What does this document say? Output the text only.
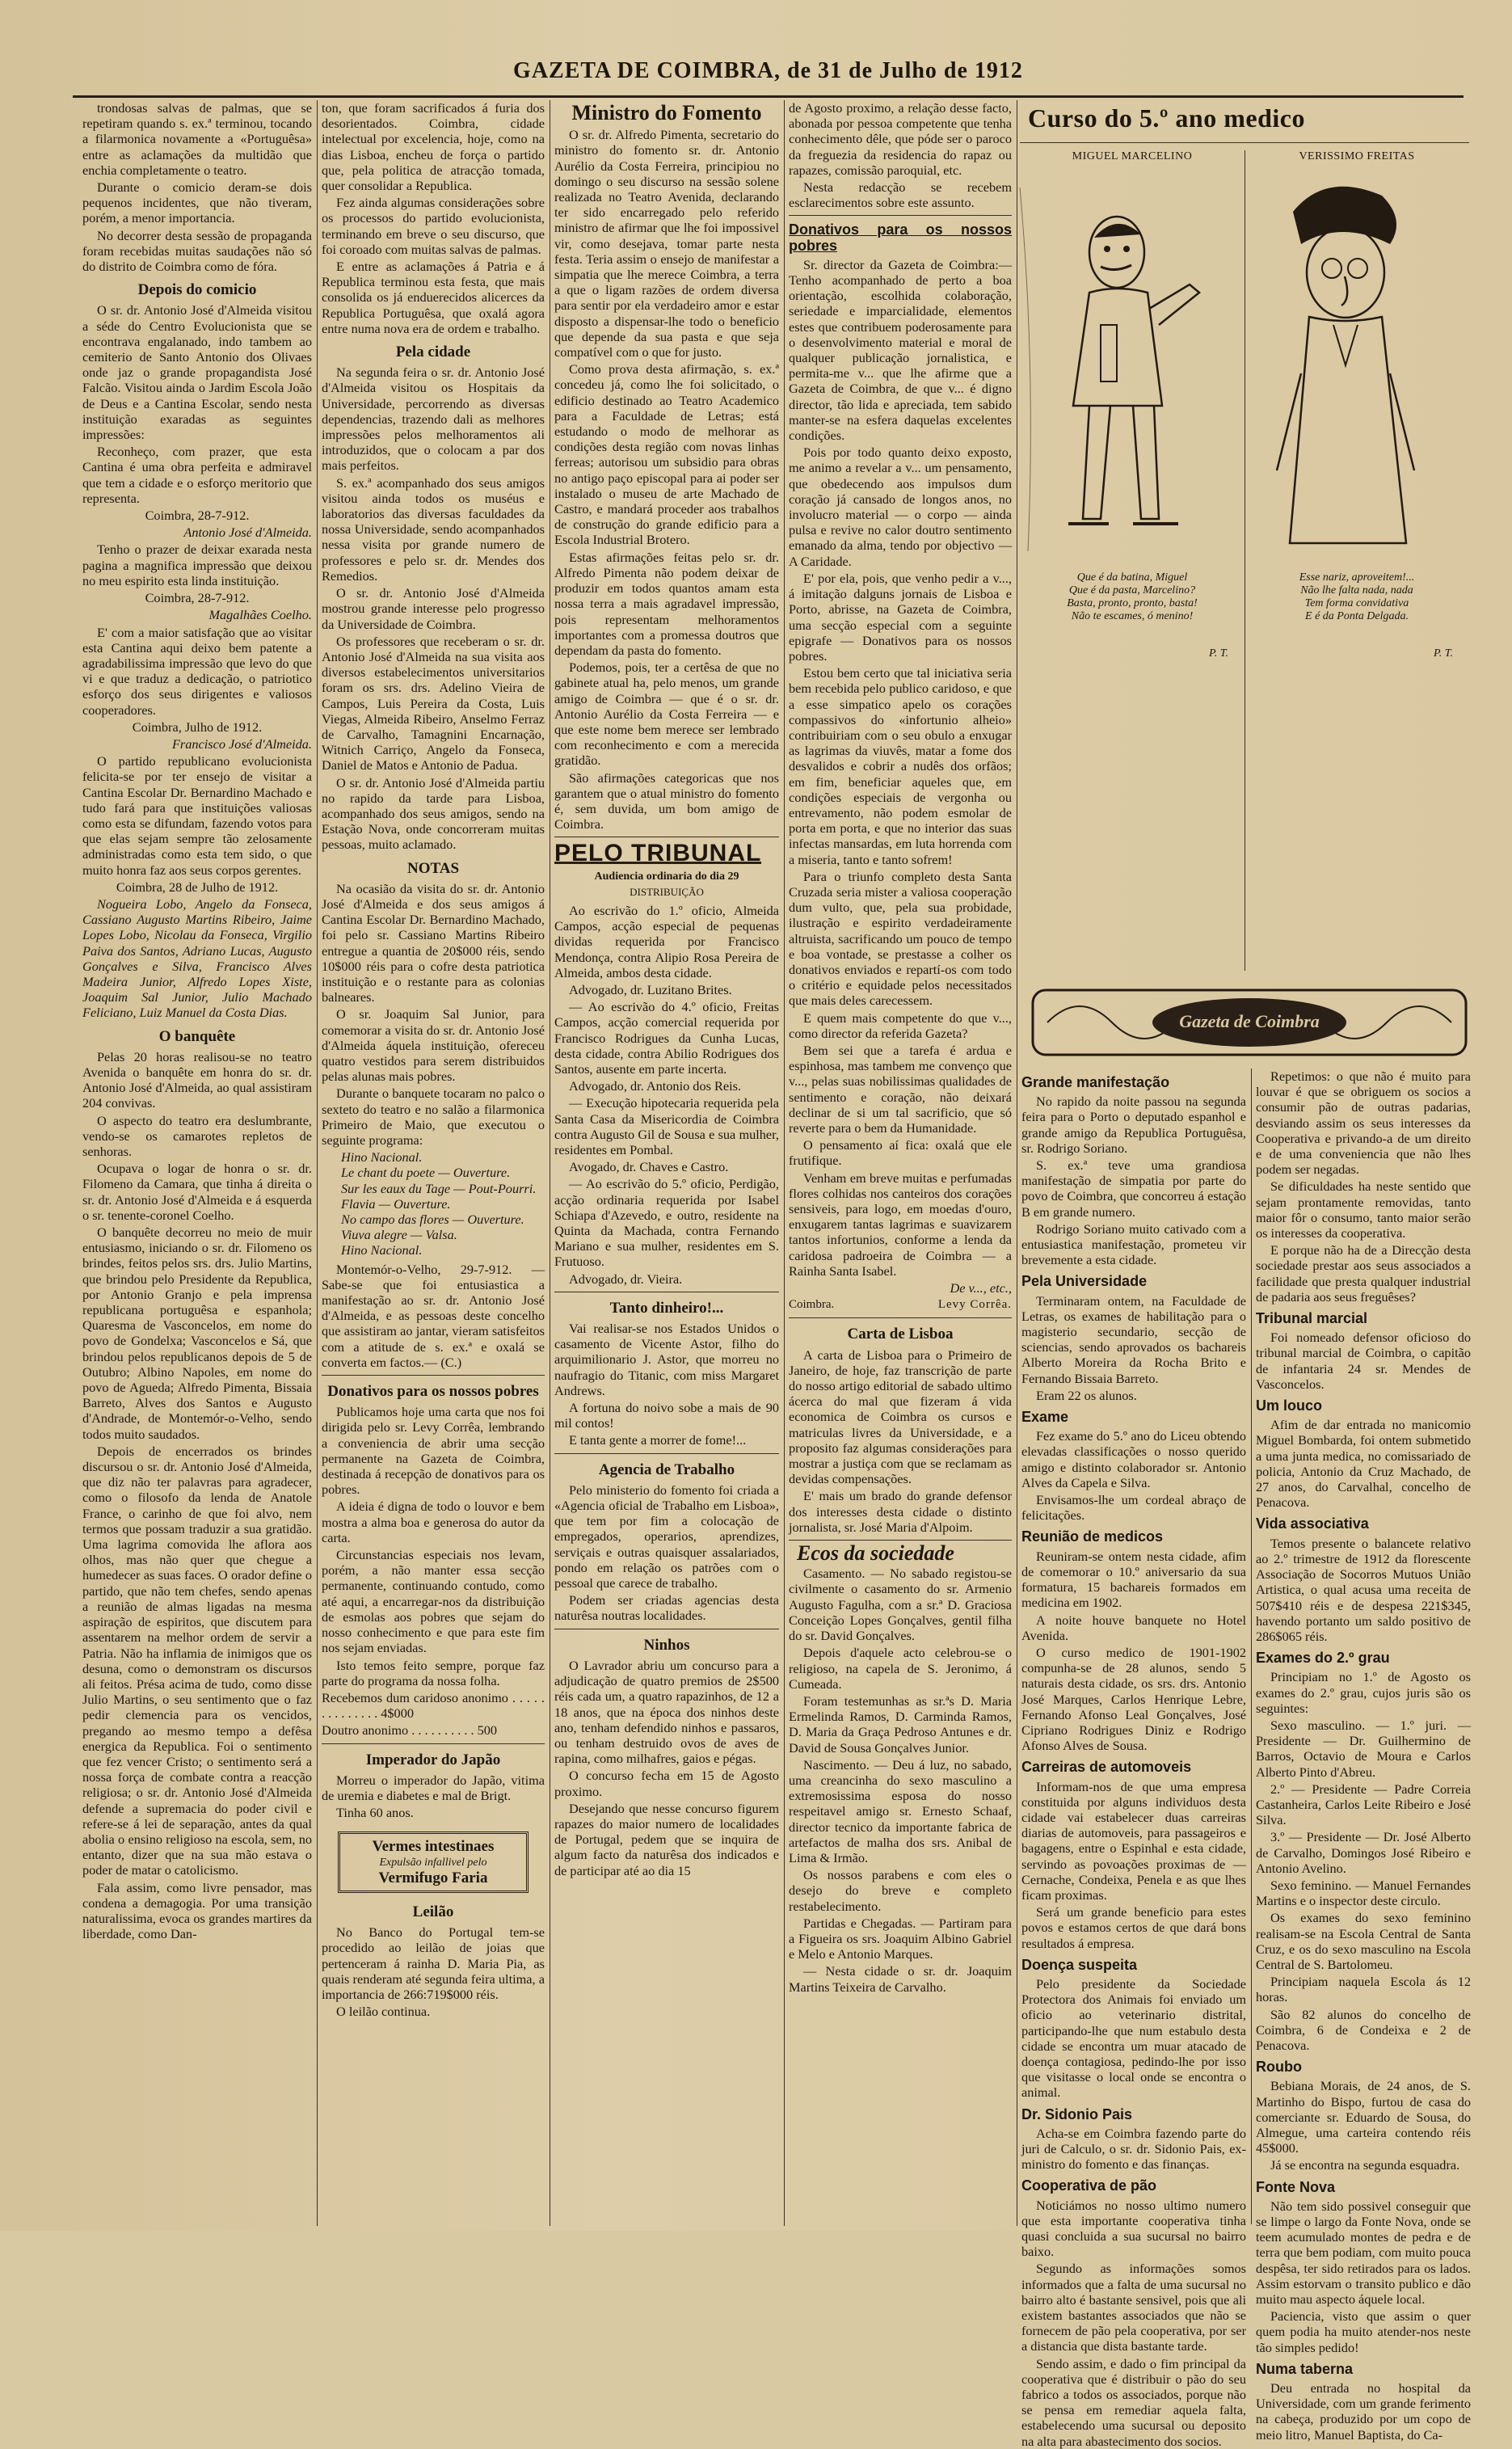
GAZETA DE COIMBRA, de 31 de Julho de 1912

trondosas salvas de palmas, que se repetiram quando s. ex.ª terminou, tocando a filarmonica novamente a «Portuguêsa» entre as aclamações da multidão que enchia completamente o teatro.

Durante o comicio deram-se dois pequenos incidentes, que não tiveram, porém, a menor importancia.

No decorrer desta sessão de propaganda foram recebidas muitas saudações não só do distrito de Coimbra como de fóra.

Depois do comicio

O sr. dr. Antonio José d'Almeida visitou a séde do Centro Evolucionista que se encontrava engalanado, indo tambem ao cemiterio de Santo Antonio dos Olivaes onde jaz o grande propagandista José Falcão. Visitou ainda o Jardim Escola João de Deus e a Cantina Escolar, sendo nesta instituição exaradas as seguintes impressões:

Reconheço, com prazer, que esta Cantina é uma obra perfeita e admiravel que tem a cidade e o esforço meritorio que representa.

Coimbra, 28-7-912.

Antonio José d'Almeida.

Tenho o prazer de deixar exarada nesta pagina a magnifica impressão que deixou no meu espirito esta linda instituição.

Coimbra, 28-7-912.

Magalhães Coelho.

E' com a maior satisfação que ao visitar esta Cantina aqui deixo bem patente a agradabilissima impressão que levo do que vi e que traduz a dedicação, o patriotico esforço dos seus dirigentes e valiosos cooperadores.

Coimbra, Julho de 1912.

Francisco José d'Almeida.

O partido republicano evolucionista felicita-se por ter ensejo de visitar a Cantina Escolar Dr. Bernardino Machado e tudo fará para que instituições valiosas como esta se difundam, fazendo votos para que elas sejam sempre tão zelosamente administradas como esta tem sido, o que muito honra faz aos seus corpos gerentes.

Coimbra, 28 de Julho de 1912.

Nogueira Lobo, Angelo da Fonseca, Cassiano Augusto Martins Ribeiro, Jaime Lopes Lobo, Nicolau da Fonseca, Virgilio Paiva dos Santos, Adriano Lucas, Augusto Gonçalves e Silva, Francisco Alves Madeira Junior, Alfredo Lopes Xiste, Joaquim Sal Junior, Julio Machado Feliciano, Luiz Manuel da Costa Dias.

O banquête

Pelas 20 horas realisou-se no teatro Avenida o banquête em honra do sr. dr. Antonio José d'Almeida, ao qual assistiram 204 convivas.

O aspecto do teatro era deslumbrante, vendo-se os camarotes repletos de senhoras.

Ocupava o logar de honra o sr. dr. Filomeno da Camara, que tinha á direita o sr. dr. Antonio José d'Almeida e á esquerda o sr. tenente-coronel Coelho.

O banquête decorreu no meio de muir entusiasmo, iniciando o sr. dr. Filomeno os brindes, feitos pelos srs. drs. Julio Martins, que brindou pelo Presidente da Republica, por Antonio Granjo e pela imprensa republicana portuguêsa e espanhola; Quaresma de Vasconcelos, em nome do povo de Gondelxa; Vasconcelos e Sá, que brindou pelos republicanos depois de 5 de Outubro; Albino Napoles, em nome do povo de Agueda; Alfredo Pimenta, Bissaia Barreto, Alves dos Santos e Augusto d'Andrade, de Montemór-o-Velho, sendo todos muito saudados.

Depois de encerrados os brindes discursou o sr. dr. Antonio José d'Almeida, que diz não ter palavras para agradecer, como o filosofo da lenda de Anatole France, o carinho de que foi alvo, nem termos que possam traduzir a sua gratidão. Uma lagrima comovida lhe aflora aos olhos, mas não quer que chegue a humedecer as suas faces. O orador define o partido, que não tem chefes, sendo apenas a reunião de almas ligadas na mesma aspiração de espiritos, que discutem para assentarem na melhor ordem de servir a Patria. Não ha inflamia de inimigos que os desuna, como o demonstram os discursos ali feitos. Présa acima de tudo, como disse Julio Martins, o seu sentimento que o faz pedir clemencia para os vencidos, pregando ao mesmo tempo a defêsa energica da Republica. Foi o sentimento que fez vencer Cristo; o sentimento será a nossa força de combate contra a reacção religiosa; o sr. dr. Antonio José d'Almeida defende a supremacia do poder civil e refere-se á lei de separação, antes da qual abolia o ensino religioso na escola, sem, no entanto, dizer que na sua mão estava o poder de matar o catolicismo.

Fala assim, como livre pensador, mas condena a demagogia. Por uma transição naturalissima, evoca os grandes martires da liberdade, como Dan-

ton, que foram sacrificados á furia dos desorientados. Coimbra, cidade intelectual por excelencia, hoje, como na dias Lisboa, encheu de força o partido que, pela politica de atracção tomada, quer consolidar a Republica.

Fez ainda algumas considerações sobre os processos do partido evolucionista, terminando em breve o seu discurso, que foi coroado com muitas salvas de palmas.

E entre as aclamações á Patria e á Republica terminou esta festa, que mais consolida os já enduerecidos alicerces da Republica Portuguêsa, que oxalá agora entre numa nova era de ordem e trabalho.

Pela cidade

Na segunda feira o sr. dr. Antonio José d'Almeida visitou os Hospitais da Universidade, percorrendo as diversas dependencias, trazendo dali as melhores impressões pelos melhoramentos ali introduzidos, que o colocam a par dos mais perfeitos.

S. ex.ª acompanhado dos seus amigos visitou ainda todos os muséus e laboratorios das diversas faculdades da nossa Universidade, sendo acompanhados nessa visita por grande numero de professores e pelo sr. dr. Mendes dos Remedios.

O sr. dr. Antonio José d'Almeida mostrou grande interesse pelo progresso da Universidade de Coimbra.

Os professores que receberam o sr. dr. Antonio José d'Almeida na sua visita aos diversos estabelecimentos universitarios foram os srs. drs. Adelino Vieira de Campos, Luis Pereira da Costa, Luis Viegas, Almeida Ribeiro, Anselmo Ferraz de Carvalho, Tamagnini Encarnação, Witnich Carriço, Angelo da Fonseca, Daniel de Matos e Antonio de Padua.

O sr. dr. Antonio José d'Almeida partiu no rapido da tarde para Lisboa, acompanhado dos seus amigos, sendo na Estação Nova, onde concorreram muitas pessoas, muito aclamado.

NOTAS

Na ocasião da visita do sr. dr. Antonio José d'Almeida e dos seus amigos á Cantina Escolar Dr. Bernardino Machado, foi pelo sr. Cassiano Martins Ribeiro entregue a quantia de 20$000 réis, sendo 10$000 réis para o cofre desta patriotica instituição e o restante para as colonias balneares.

O sr. Joaquim Sal Junior, para comemorar a visita do sr. dr. Antonio José d'Almeida áquela instituição, ofereceu quatro vestidos para serem distribuidos pelas alunas mais pobres.

Durante o banquete tocaram no palco o sexteto do teatro e no salão a filarmonica Primeiro de Maio, que executou o seguinte programa:

Hino Nacional.
Le chant du poete — Ouverture.
Sur les eaux du Tage — Pout-Pourri.
Flavia — Ouverture.
No campo das flores — Ouverture.
Viuva alegre — Valsa.
Hino Nacional.

Montemór-o-Velho, 29-7-912. — Sabe-se que foi entusiastica a manifestação ao sr. dr. Antonio José d'Almeida, e as pessoas deste concelho que assistiram ao jantar, vieram satisfeitos com a atitude de s. ex.ª e oxalá se converta em factos.— (C.)

Donativos para os nossos pobres

Publicamos hoje uma carta que nos foi dirigida pelo sr. Levy Corrêa, lembrando a conveniencia de abrir uma secção permanente na Gazeta de Coimbra, destinada á recepção de donativos para os pobres.

A ideia é digna de todo o louvor e bem mostra a alma boa e generosa do autor da carta.

Circunstancias especiais nos levam, porém, a não manter essa secção permanente, continuando contudo, como até aqui, a encarregar-nos da distribuição de esmolas aos pobres que sejam do nosso conhecimento e que para este fim nos sejam enviadas.

Isto temos feito sempre, porque faz parte do programa da nossa folha.

Recebemos dum caridoso anonimo . . . . . . . . . . . . . . 4$000

Doutro anonimo . . . . . . . . . . 500

Imperador do Japão

Morreu o imperador do Japão, vitima de uremia e diabetes e mal de Brigt.

Tinha 60 anos.

Vermes intestinaes
Expulsão infallivel pelo
Vermifugo Faria
Leilão

No Banco do Portugal tem-se procedido ao leilão de joias que pertenceram á rainha D. Maria Pia, as quais renderam até segunda feira ultima, a importancia de 266:719$000 réis.

O leilão continua.

Ministro do Fomento

O sr. dr. Alfredo Pimenta, secretario do ministro do fomento sr. dr. Antonio Aurélio da Costa Ferreira, principiou no domingo o seu discurso na sessão solene realizada no Teatro Avenida, declarando ter sido encarregado pelo referido ministro de afirmar que lhe foi impossivel vir, como desejava, tomar parte nesta festa. Teria assim o ensejo de manifestar a simpatia que lhe merece Coimbra, a terra a que o ligam razões de ordem diversa para sentir por ela verdadeiro amor e estar disposto a dispensar-lhe todo o beneficio que depende da sua pasta e que seja compatível com o que for justo.

Como prova desta afirmação, s. ex.ª concedeu já, como lhe foi solicitado, o edificio destinado ao Teatro Academico para a Faculdade de Letras; está estudando o modo de melhorar as condições desta região com novas linhas ferreas; autorisou um subsidio para obras no antigo paço episcopal para ai poder ser instalado o museu de arte Machado de Castro, e mandará proceder aos trabalhos de construção do grande edificio para a Escola Industrial Brotero.

Estas afirmações feitas pelo sr. dr. Alfredo Pimenta não podem deixar de produzir em todos quantos amam esta nossa terra a mais agradavel impressão, pois representam melhoramentos importantes com a promessa doutros que dependam da pasta do fomento.

Podemos, pois, ter a certêsa de que no gabinete atual ha, pelo menos, um grande amigo de Coimbra — que é o sr. dr. Antonio Aurélio da Costa Ferreira — e que este nome bem merece ser lembrado com reconhecimento e com a merecida gratidão.

São afirmações categoricas que nos garantem que o atual ministro do fomento é, sem duvida, um bom amigo de Coimbra.

PELO TRIBUNAL
Audiencia ordinaria do dia 29
DISTRIBUIÇÃO

Ao escrivão do 1.º oficio, Almeida Campos, acção especial de pequenas dividas requerida por Francisco Mendonça, contra Alipio Rosa Pereira de Almeida, ambos desta cidade.

Advogado, dr. Luzitano Brites.

— Ao escrivão do 4.º oficio, Freitas Campos, acção comercial requerida por Francisco Rodrigues da Cunha Lucas, desta cidade, contra Abilio Rodrigues dos Santos, ausente em parte incerta.

Advogado, dr. Antonio dos Reis.

— Execução hipotecaria requerida pela Santa Casa da Misericordia de Coimbra contra Augusto Gil de Sousa e sua mulher, residentes em Pombal.

Avogado, dr. Chaves e Castro.

— Ao escrivão do 5.º oficio, Perdigão, acção ordinaria requerida por Isabel Schiapa d'Azevedo, e outro, residente na Quinta da Machada, contra Fernando Mariano e sua mulher, residentes em S. Frutuoso.

Advogado, dr. Vieira.

Tanto dinheiro!...

Vai realisar-se nos Estados Unidos o casamento de Vicente Astor, filho do arquimilionario J. Astor, que morreu no naufragio do Titanic, com miss Margaret Andrews.

A fortuna do noivo sobe a mais de 90 mil contos!

E tanta gente a morrer de fome!...

Agencia de Trabalho

Pelo ministerio do fomento foi criada a «Agencia oficial de Trabalho em Lisboa», que tem por fim a colocação de empregados, operarios, aprendizes, serviçais e outras quaisquer assalariados, pondo em relação os patrões com o pessoal que carece de trabalho.

Podem ser criadas agencias desta naturêsa noutras localidades.

Ninhos

O Lavrador abriu um concurso para a adjudicação de quatro premios de 2$500 réis cada um, a quatro rapazinhos, de 12 a 18 anos, que na época dos ninhos deste ano, tenham defendido ninhos e passaros, ou tenham destruido ovos de aves de rapina, como milhafres, gaios e pégas.

O concurso fecha em 15 de Agosto proximo.

Desejando que nesse concurso figurem rapazes do maior numero de localidades de Portugal, pedem que se inquira de algum facto da naturêsa dos indicados e de participar até ao dia 15

de Agosto proximo, a relação desse facto, abonada por pessoa competente que tenha conhecimento dêle, que póde ser o paroco da freguezia da residencia do rapaz ou rapazes, comissão paroquial, etc.

Nesta redacção se recebem esclarecimentos sobre este assunto.

Donativos para os nossos pobres

Sr. director da Gazeta de Coimbra:— Tenho acompanhado de perto a boa orientação, escolhida colaboração, seriedade e imparcialidade, elementos estes que contribuem poderosamente para o desenvolvimento material e moral de qualquer publicação jornalistica, e permita-me v... que lhe afirme que a Gazeta de Coimbra, de que v... é digno director, tão lida e apreciada, tem sabido manter-se na esfera daquelas excelentes condições.

Pois por todo quanto deixo exposto, me animo a revelar a v... um pensamento, que obedecendo aos impulsos dum coração já cansado de longos anos, no involucro material — o corpo — ainda pulsa e revive no calor doutro sentimento emanado da alma, tendo por objectivo — A Caridade.

E' por ela, pois, que venho pedir a v..., á imitação dalguns jornais de Lisboa e Porto, abrisse, na Gazeta de Coimbra, uma secção especial com a seguinte epigrafe — Donativos para os nossos pobres.

Estou bem certo que tal iniciativa seria bem recebida pelo publico caridoso, e que a esse simpatico apelo os corações compassivos do «infortunio alheio» contribuiriam com o seu obulo a enxugar as lagrimas da viuvês, matar a fome dos desvalidos e cobrir a nudês dos orfãos; em fim, beneficiar aqueles que, em condições especiais de vergonha ou entrevamento, não podem esmolar de porta em porta, e que no interior das suas infectas mansardas, em luta horrenda com a miseria, tanto e tanto sofrem!

Para o triunfo completo desta Santa Cruzada seria mister a valiosa cooperação dum vulto, que, pela sua probidade, ilustração e espirito verdadeiramente altruista, sacrificando um pouco de tempo e boa vontade, se prestasse a colher os donativos enviados e repartí-os com todo o critério e equidade pelos necessitados que mais deles carecessem.

E quem mais competente do que v..., como director da referida Gazeta?

Bem sei que a tarefa é ardua e espinhosa, mas tambem me convenço que v..., pelas suas nobilissimas qualidades de sentimento e coração, não deixará declinar de si um tal sacrificio, que só reverte para o bem da Humanidade.

O pensamento aí fica: oxalá que ele frutifique.

Venham em breve muitas e perfumadas flores colhidas nos canteiros dos corações sensiveis, para logo, em moedas d'ouro, enxugarem tantas lagrimas e suavizarem tantos infortunios, conforme a lenda da caridosa padroeira de Coimbra — a Rainha Santa Isabel.

De v..., etc.,

Coimbra.	Levy Corrêa.
Carta de Lisboa

A carta de Lisboa para o Primeiro de Janeiro, de hoje, faz transcrição de parte do nosso artigo editorial de sabado ultimo ácerca do mal que fizeram á vida economica de Coimbra os cursos e matriculas livres da Universidade, e a proposito faz algumas considerações para mostrar a justiça com que se reclamam as devidas compensações.

E' mais um brado do grande defensor dos interesses desta cidade o distinto jornalista, sr. José Maria d'Alpoim.

Ecos da sociedade

Casamento. — No sabado registou-se civilmente o casamento do sr. Armenio Augusto Fagulha, com a sr.ª D. Graciosa Conceição Lopes Gonçalves, gentil filha do sr. David Gonçalves.

Depois d'aquele acto celebrou-se o religioso, na capela de S. Jeronimo, á Cumeada.

Foram testemunhas as sr.ªs D. Maria Ermelinda Ramos, D. Carminda Ramos, D. Maria da Graça Pedroso Antunes e dr. David de Sousa Gonçalves Junior.

Nascimento. — Deu á luz, no sabado, uma creancinha do sexo masculino a extremosissima esposa do nosso respeitavel amigo sr. Ernesto Schaaf, director tecnico da importante fabrica de artefactos de malha dos srs. Anibal de Lima & Irmão.

Os nossos parabens e com eles o desejo do breve e completo restabelecimento.

Partidas e Chegadas. — Partiram para a Figueira os srs. Joaquim Albino Gabriel e Melo e Antonio Marques.

— Nesta cidade o sr. dr. Joaquim Martins Teixeira de Carvalho.

Curso do 5.º ano medico
MIGUEL MARCELINO
Que é da batina, Miguel
Que é da pasta, Marcelino?
Basta, pronto, pronto, basta!
Não te escames, ó menino!
P. T.
VERISSIMO FREITAS
Esse nariz, aproveitem!...
Não lhe falta nada, nada
Tem forma convidativa
E é da Ponta Delgada.
P. T.
Gazeta de Coimbra
Grande manifestação

No rapido da noite passou na segunda feira para o Porto o deputado espanhol e grande amigo da Republica Portuguêsa, sr. Rodrigo Soriano.

S. ex.ª teve uma grandiosa manifestação de simpatia por parte do povo de Coimbra, que concorreu á estação B em grande numero.

Rodrigo Soriano muito cativado com a entusiastica manifestação, prometeu vir brevemente a esta cidade.

Pela Universidade

Terminaram ontem, na Faculdade de Letras, os exames de habilitação para o magisterio secundario, secção de sciencias, sendo aprovados os bachareis Alberto Moreira da Rocha Brito e Fernando Bissaia Barreto.

Eram 22 os alunos.

Exame

Fez exame do 5.º ano do Liceu obtendo elevadas classificações o nosso querido amigo e distinto colaborador sr. Antonio Alves da Capela e Silva.

Envisamos-lhe um cordeal abraço de felicitações.

Reunião de medicos

Reuniram-se ontem nesta cidade, afim de comemorar o 10.º aniversario da sua formatura, 15 bachareis formados em medicina em 1902.

A noite houve banquete no Hotel Avenida.

O curso medico de 1901-1902 compunha-se de 28 alunos, sendo 5 naturais desta cidade, os srs. drs. Antonio José Marques, Carlos Henrique Lebre, Fernando Afonso Leal Gonçalves, José Cipriano Rodrigues Diniz e Rodrigo Afonso Alves de Sousa.

Carreiras de automoveis

Informam-nos de que uma empresa constituida por alguns individuos desta cidade vai estabelecer duas carreiras diarias de automoveis, para passageiros e bagagens, entre o Espinhal e esta cidade, servindo as povoações proximas de — Cernache, Condeixa, Penela e as que lhes ficam proximas.

Será um grande beneficio para estes povos e estamos certos de que dará bons resultados á empresa.

Doença suspeita

Pelo presidente da Sociedade Protectora dos Animais foi enviado um oficio ao veterinario distrital, participando-lhe que num estabulo desta cidade se encontra um muar atacado de doença contagiosa, pedindo-lhe por isso que visitasse o local onde se encontra o animal.

Dr. Sidonio Pais

Acha-se em Coimbra fazendo parte do juri de Calculo, o sr. dr. Sidonio Pais, ex-ministro do fomento e das finanças.

Cooperativa de pão

Noticiámos no nosso ultimo numero que esta importante cooperativa tinha quasi concluida a sua sucursal no bairro baixo.

Segundo as informações somos informados que a falta de uma sucursal no bairro alto é bastante sensivel, pois que ali existem bastantes associados que não se fornecem de pão pela cooperativa, por ser a distancia que dista bastante tarde.

Sendo assim, e dado o fim principal da cooperativa que é distribuir o pão do seu fabrico a todos os associados, porque não se pensa em remediar aquela falta, estabelecendo uma sucursal ou deposito na alta para abastecimento dos socios.

Repetimos: o que não é muito para louvar é que se obriguem os socios a consumir pão de outras padarias, desviando assim os seus interesses da Cooperativa e privando-a de um direito e de uma conveniencia que não lhes podem ser negadas.

Se dificuldades ha neste sentido que sejam prontamente removidas, tanto maior fôr o consumo, tanto maior serão os interesses da cooperativa.

E porque não ha de a Direcção desta sociedade prestar aos seus associados a facilidade que presta qualquer industrial de padaria aos seus freguêses?

Tribunal marcial

Foi nomeado defensor oficioso do tribunal marcial de Coimbra, o capitão de infantaria 24 sr. Mendes de Vasconcelos.

Um louco

Afim de dar entrada no manicomio Miguel Bombarda, foi ontem submetido a uma junta medica, no comissariado de policia, Antonio da Cruz Machado, de 27 anos, do Carvalhal, concelho de Penacova.

Vida associativa

Temos presente o balancete relativo ao 2.º trimestre de 1912 da florescente Associação de Socorros Mutuos União Artistica, o qual acusa uma receita de 507$410 réis e de despesa 221$345, havendo portanto um saldo positivo de 286$065 réis.

Exames do 2.º grau

Principiam no 1.º de Agosto os exames do 2.º grau, cujos juris são os seguintes:

Sexo masculino. — 1.º juri. — Presidente — Dr. Guilhermino de Barros, Octavio de Moura e Carlos Alberto Pinto d'Abreu.

2.º — Presidente — Padre Correia Castanheira, Carlos Leite Ribeiro e José Silva.

3.º — Presidente — Dr. José Alberto de Carvalho, Domingos José Ribeiro e Antonio Avelino.

Sexo feminino. — Manuel Fernandes Martins e o inspector deste circulo.

Os exames do sexo feminino realisam-se na Escola Central de Santa Cruz, e os do sexo masculino na Escola Central de S. Bartolomeu.

Principiam naquela Escola ás 12 horas.

São 82 alunos do concelho de Coimbra, 6 de Condeixa e 2 de Penacova.

Roubo

Bebiana Morais, de 24 anos, de S. Martinho do Bispo, furtou de casa do comerciante sr. Eduardo de Sousa, do Almegue, uma carteira contendo réis 45$000.

Já se encontra na segunda esquadra.

Fonte Nova

Não tem sido possivel conseguir que se limpe o largo da Fonte Nova, onde se teem acumulado montes de pedra e de terra que bem podiam, com muito pouca despêsa, ter sido retirados para os lados. Assim estorvam o transito publico e dão muito mau aspecto áquele local.

Paciencia, visto que assim o quer quem podia ha muito atender-nos neste tão simples pedido!

Numa taberna

Deu entrada no hospital da Universidade, com um grande ferimento na cabeça, produzido por um copo de meio litro, Manuel Baptista, do Ca-
